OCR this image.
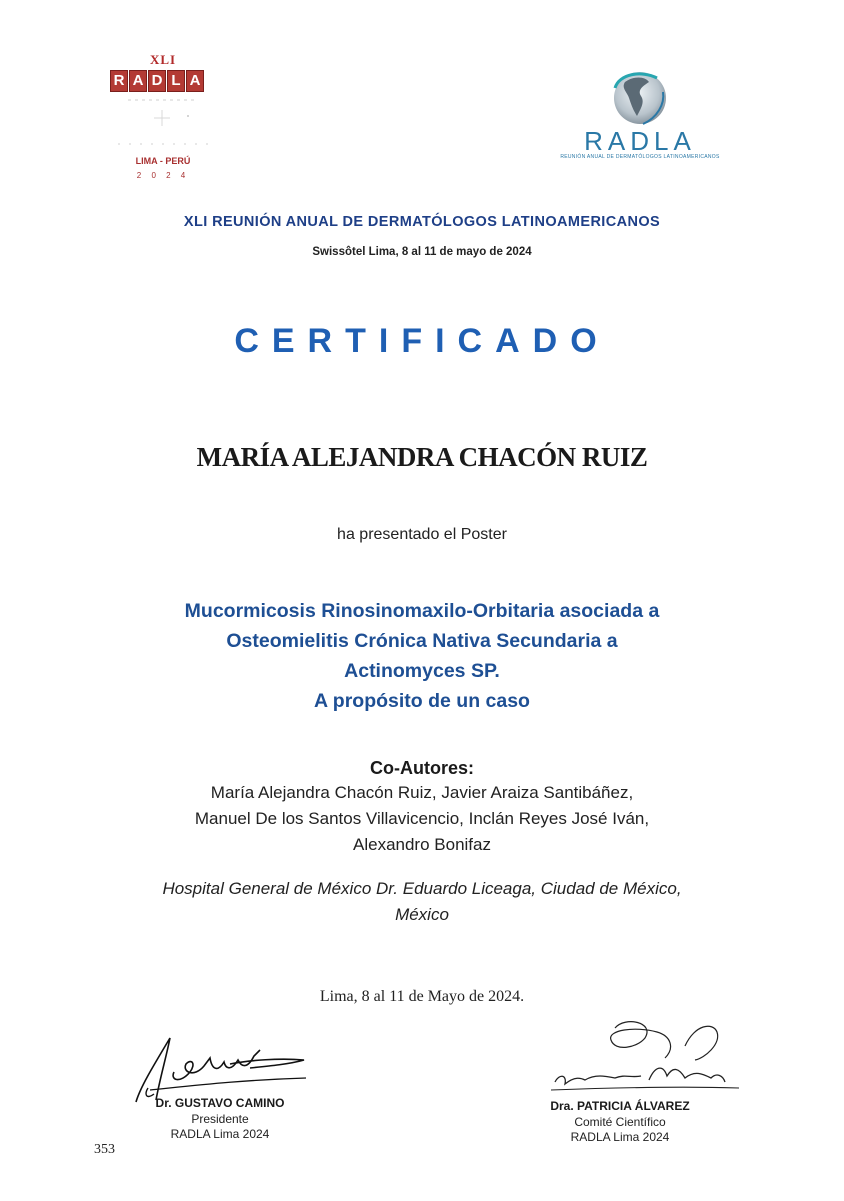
XLI
R A D L A
LIMA - PERÚ
2 0 2 4
RADLA
REUNIÓN ANUAL DE DERMATÓLOGOS LATINOAMERICANOS
XLI REUNIÓN ANUAL DE DERMATÓLOGOS LATINOAMERICANOS
Swissôtel Lima, 8 al 11 de mayo de 2024
CERTIFICADO
MARÍA ALEJANDRA CHACÓN RUIZ
ha presentado el Poster
Mucormicosis Rinosinomaxilo-Orbitaria asociada a
Osteomielitis Crónica Nativa Secundaria a
Actinomyces SP.
A propósito de un caso
Co-Autores:
María Alejandra Chacón Ruiz, Javier Araiza Santibáñez,
Manuel De los Santos Villavicencio, Inclán Reyes José Iván,
Alexandro Bonifaz
Hospital General de México Dr. Eduardo Liceaga, Ciudad de México,
México
Lima, 8 al 11 de Mayo de 2024.
Dr. GUSTAVO CAMINO
Presidente
RADLA Lima 2024
Dra. PATRICIA ÁLVAREZ
Comité Científico
RADLA Lima 2024
353
